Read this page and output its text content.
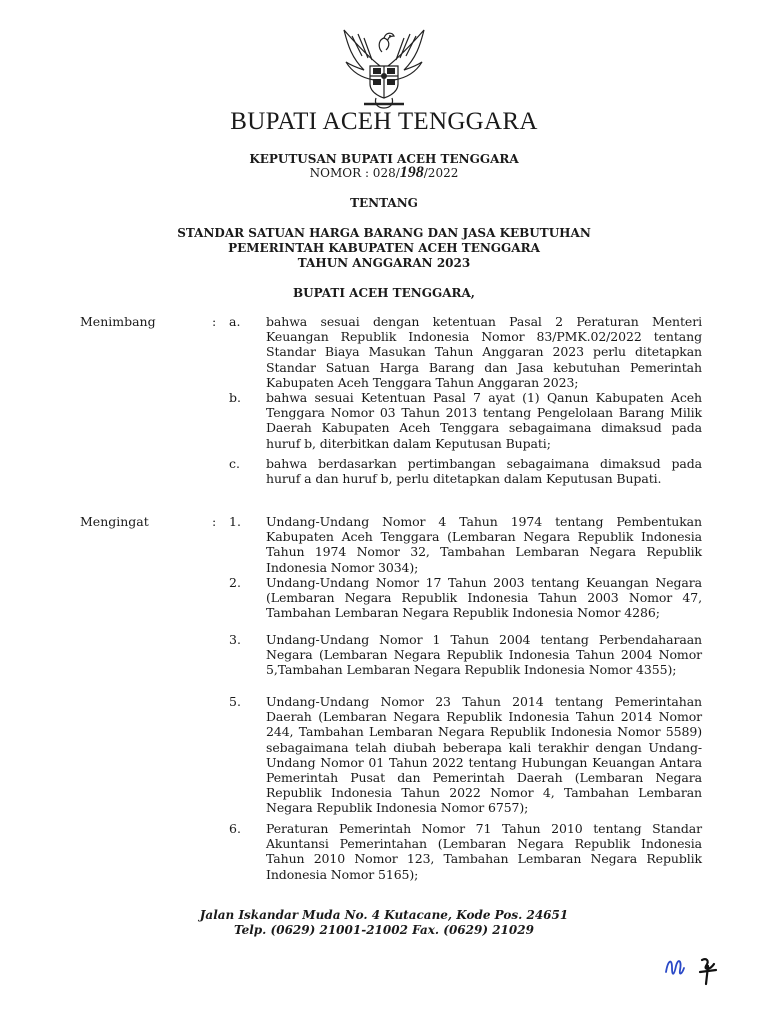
BUPATI ACEH TENGGARA
KEPUTUSAN BUPATI ACEH TENGGARA
NOMOR : 028/198/2022
TENTANG
STANDAR SATUAN HARGA BARANG DAN JASA KEBUTUHAN
PEMERINTAH KABUPATEN ACEH TENGGARA
TAHUN ANGGARAN 2023
BUPATI ACEH TENGGARA,
Menimbang	: a. bahwa sesuai dengan ketentuan Pasal 2 Peraturan Menteri Keuangan Republik Indonesia Nomor 83/PMK.02/2022 tentang Standar Biaya Masukan Tahun Anggaran 2023 perlu ditetapkan Standar Satuan Harga Barang dan Jasa kebutuhan Pemerintah Kabupaten Aceh Tenggara Tahun Anggaran 2023;

b. bahwa sesuai Ketentuan Pasal 7 ayat (1) Qanun Kabupaten Aceh Tenggara Nomor 03 Tahun 2013 tentang Pengelolaan Barang Milik Daerah Kabupaten Aceh Tenggara sebagaimana dimaksud pada huruf b, diterbitkan dalam Keputusan Bupati;

c. bahwa berdasarkan pertimbangan sebagaimana dimaksud pada huruf a dan huruf b, perlu ditetapkan dalam Keputusan Bupati.

Mengingat	: 1. Undang-Undang Nomor 4 Tahun 1974 tentang Pembentukan Kabupaten Aceh Tenggara (Lembaran Negara Republik Indonesia Tahun 1974 Nomor 32, Tambahan Lembaran Negara Republik Indonesia Nomor 3034);

2. Undang-Undang Nomor 17 Tahun 2003 tentang Keuangan Negara (Lembaran Negara Republik Indonesia Tahun 2003 Nomor 47, Tambahan Lembaran Negara Republik Indonesia Nomor 4286;

3. Undang-Undang Nomor 1 Tahun 2004 tentang Perbendaharaan Negara (Lembaran Negara Republik Indonesia Tahun 2004 Nomor 5,Tambahan Lembaran Negara Republik Indonesia Nomor 4355);

5. Undang-Undang Nomor 23 Tahun 2014 tentang Pemerintahan Daerah (Lembaran Negara Republik Indonesia Tahun 2014 Nomor 244, Tambahan Lembaran Negara Republik Indonesia Nomor 5589) sebagaimana telah diubah beberapa kali terakhir dengan Undang-Undang Nomor 01 Tahun 2022 tentang Hubungan Keuangan Antara Pemerintah Pusat dan Pemerintah Daerah (Lembaran Negara Republik Indonesia Tahun 2022 Nomor 4, Tambahan Lembaran Negara Republik Indonesia Nomor 6757);

6. Peraturan Pemerintah Nomor 71 Tahun 2010 tentang Standar Akuntansi Pemerintahan (Lembaran Negara Republik Indonesia Tahun 2010 Nomor 123, Tambahan Lembaran Negara Republik Indonesia Nomor 5165);

Jalan Iskandar Muda No. 4 Kutacane, Kode Pos. 24651
Telp. (0629) 21001-21002 Fax. (0629) 21029
